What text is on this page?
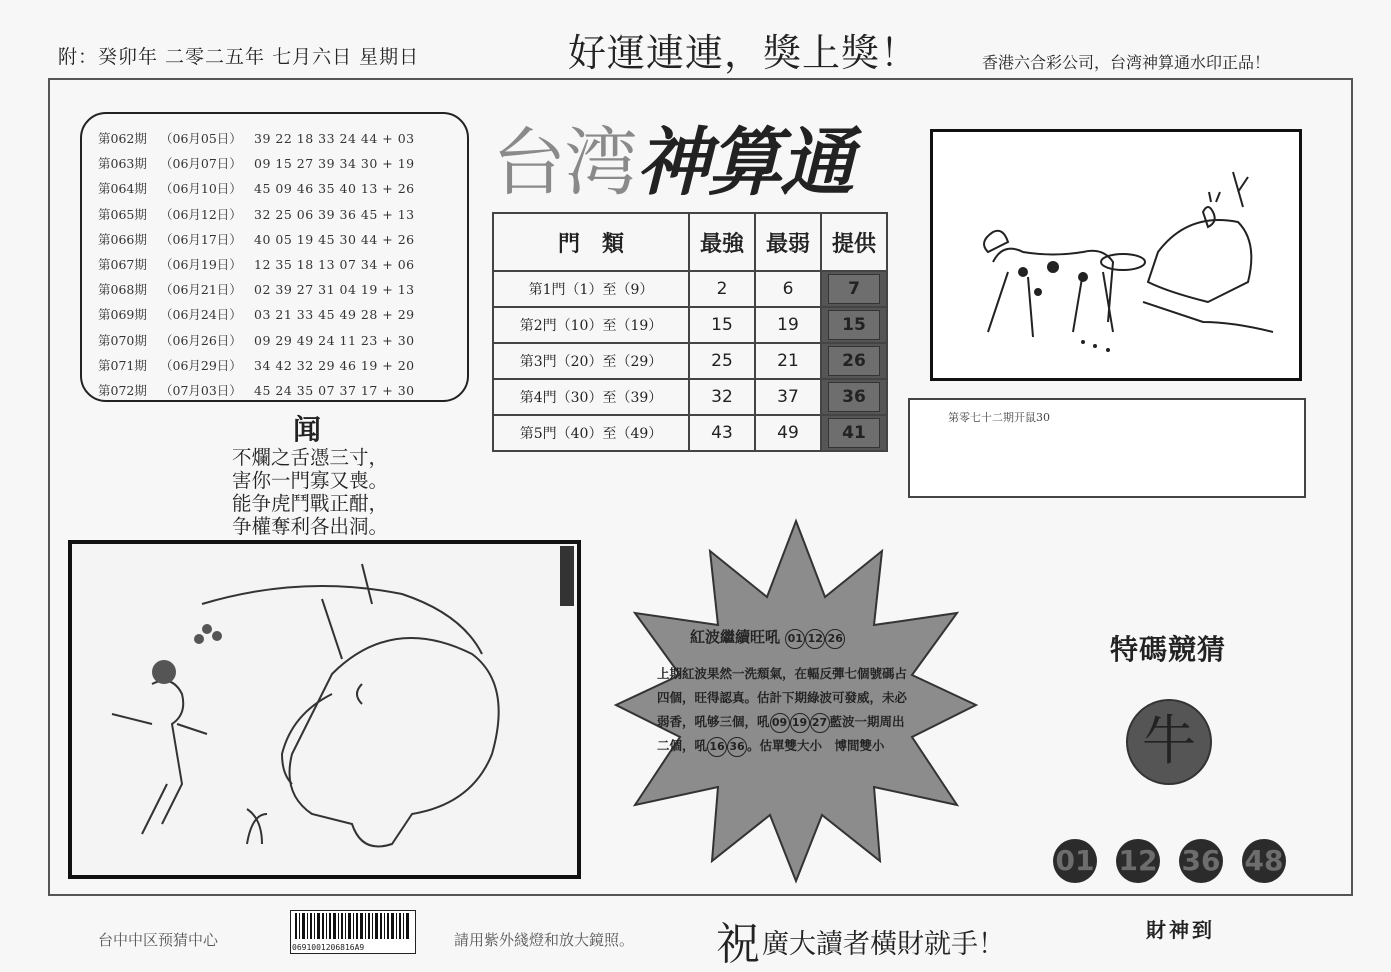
附：癸卯年 二零二五年 七月六日 星期日	好運連連，獎上獎！	香港六合彩公司，台湾神算通水印正品！
第062期 （06月05日） 39 22 18 33 24 44 + 03
第063期 （06月07日） 09 15 27 39 34 30 + 19
第064期 （06月10日） 45 09 46 35 40 13 + 26
第065期 （06月12日） 32 25 06 39 36 45 + 13
第066期 （06月17日） 40 05 19 45 30 44 + 26
第067期 （06月19日） 12 35 18 13 07 34 + 06
第068期 （06月21日） 02 39 27 31 04 19 + 13
第069期 （06月24日） 03 21 33 45 49 28 + 29
第070期 （06月26日） 09 29 49 24 11 23 + 30
第071期 （06月29日） 34 42 32 29 46 19 + 20
第072期 （07月03日） 45 24 35 07 37 17 + 30
闻
不爛之舌憑三寸，
害你一門寡又喪。
能争虎鬥戰正酣，
争權奪利各出洞。
台湾神算通
門　類	最強	最弱	提供
第1門（1）至（9）	2	6	7
第2門（10）至（19）	15	19	15
第3門（20）至（29）	25	21	26
第4門（30）至（39）	32	37	36
第5門（40）至（49）	43	49	41
第零七十二期开鼠30
紅波繼續旺吼 01 12 26
上期紅波果然一洗頹氣，在輻反彈七個號碼占
四個，旺得認真。估計下期綠波可發威，未必
弱香，吼够三個，吼 09 19 27 藍波一期周出
二個，吼 16 36 。估單雙大小　博間雙小
特碼競猜
牛
01 12 36 48
台中中区预猜中心	0691001206816A9	請用紫外綫燈和放大鏡照。 祝 廣大讀者橫財就手！	財神到
